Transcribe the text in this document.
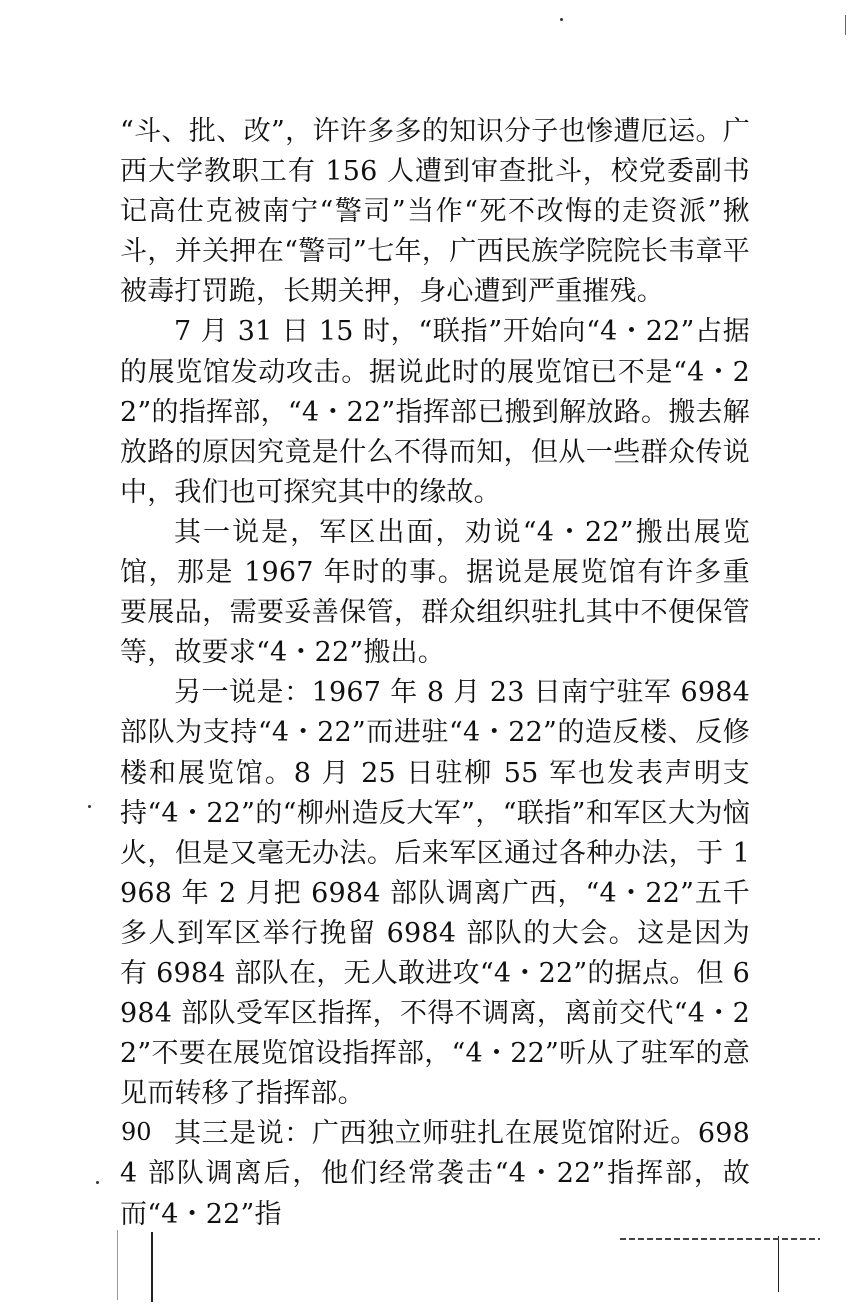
“斗、批、改”，许许多多的知识分子也惨遭厄运。广西大学教职工有 156 人遭到审查批斗，校党委副书记高仕克被南宁“警司”当作“死不改悔的走资派”揪斗，并关押在“警司”七年，广西民族学院院长韦章平被毒打罚跪，长期关押，身心遭到严重摧残。

7 月 31 日 15 时，“联指”开始向“4・22”占据的展览馆发动攻击。据说此时的展览馆已不是“4・22”的指挥部，“4・22”指挥部已搬到解放路。搬去解放路的原因究竟是什么不得而知，但从一些群众传说中，我们也可探究其中的缘故。

其一说是，军区出面，劝说“4・22”搬出展览馆，那是 1967 年时的事。据说是展览馆有许多重要展品，需要妥善保管，群众组织驻扎其中不便保管等，故要求“4・22”搬出。

另一说是：1967 年 8 月 23 日南宁驻军 6984 部队为支持“4・22”而进驻“4・22”的造反楼、反修楼和展览馆。8 月 25 日驻柳 55 军也发表声明支持“4・22”的“柳州造反大军”，“联指”和军区大为恼火，但是又毫无办法。后来军区通过各种办法，于 1968 年 2 月把 6984 部队调离广西，“4・22”五千多人到军区举行挽留 6984 部队的大会。这是因为有 6984 部队在，无人敢进攻“4・22”的据点。但 6984 部队受军区指挥，不得不调离，离前交代“4・22”不要在展览馆设指挥部，“4・22”听从了驻军的意见而转移了指挥部。

其三是说：广西独立师驻扎在展览馆附近。6984 部队调离后，他们经常袭击“4・22”指挥部，故而“4・22”指

90
